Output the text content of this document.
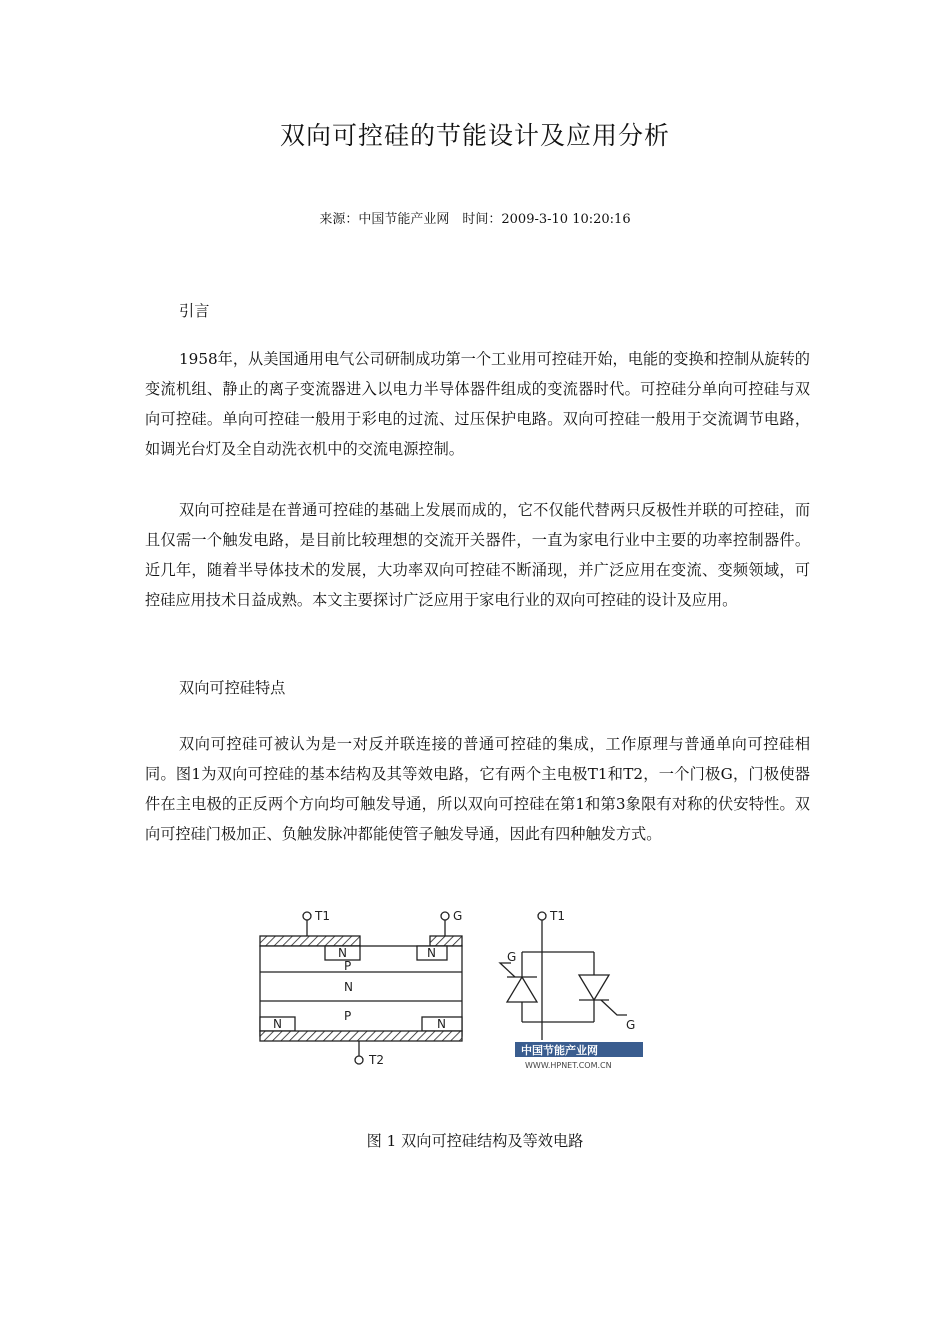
双向可控硅的节能设计及应用分析
来源：中国节能产业网　时间：2009-3-10 10:20:16

引言

1958年，从美国通用电气公司研制成功第一个工业用可控硅开始，电能的变换和控制从旋转的变流机组、静止的离子变流器进入以电力半导体器件组成的变流器时代。可控硅分单向可控硅与双向可控硅。单向可控硅一般用于彩电的过流、过压保护电路。双向可控硅一般用于交流调节电路，如调光台灯及全自动洗衣机中的交流电源控制。

双向可控硅是在普通可控硅的基础上发展而成的，它不仅能代替两只反极性并联的可控硅，而且仅需一个触发电路，是目前比较理想的交流开关器件，一直为家电行业中主要的功率控制器件。近几年，随着半导体技术的发展，大功率双向可控硅不断涌现，并广泛应用在变流、变频领域，可控硅应用技术日益成熟。本文主要探讨广泛应用于家电行业的双向可控硅的设计及应用。

双向可控硅特点

双向可控硅可被认为是一对反并联连接的普通可控硅的集成，工作原理与普通单向可控硅相同。图1为双向可控硅的基本结构及其等效电路，它有两个主电极T1和T2，一个门极G，门极使器件在主电极的正反两个方向均可触发导通，所以双向可控硅在第1和第3象限有对称的伏安特性。双向可控硅门极加正、负触发脉冲都能使管子触发导通，因此有四种触发方式。

T1	G
N	N
P
N
P
N	N
T2
T1
G
G
中国节能产业网
WWW.HPNET.COM.CN
图 1 双向可控硅结构及等效电路
